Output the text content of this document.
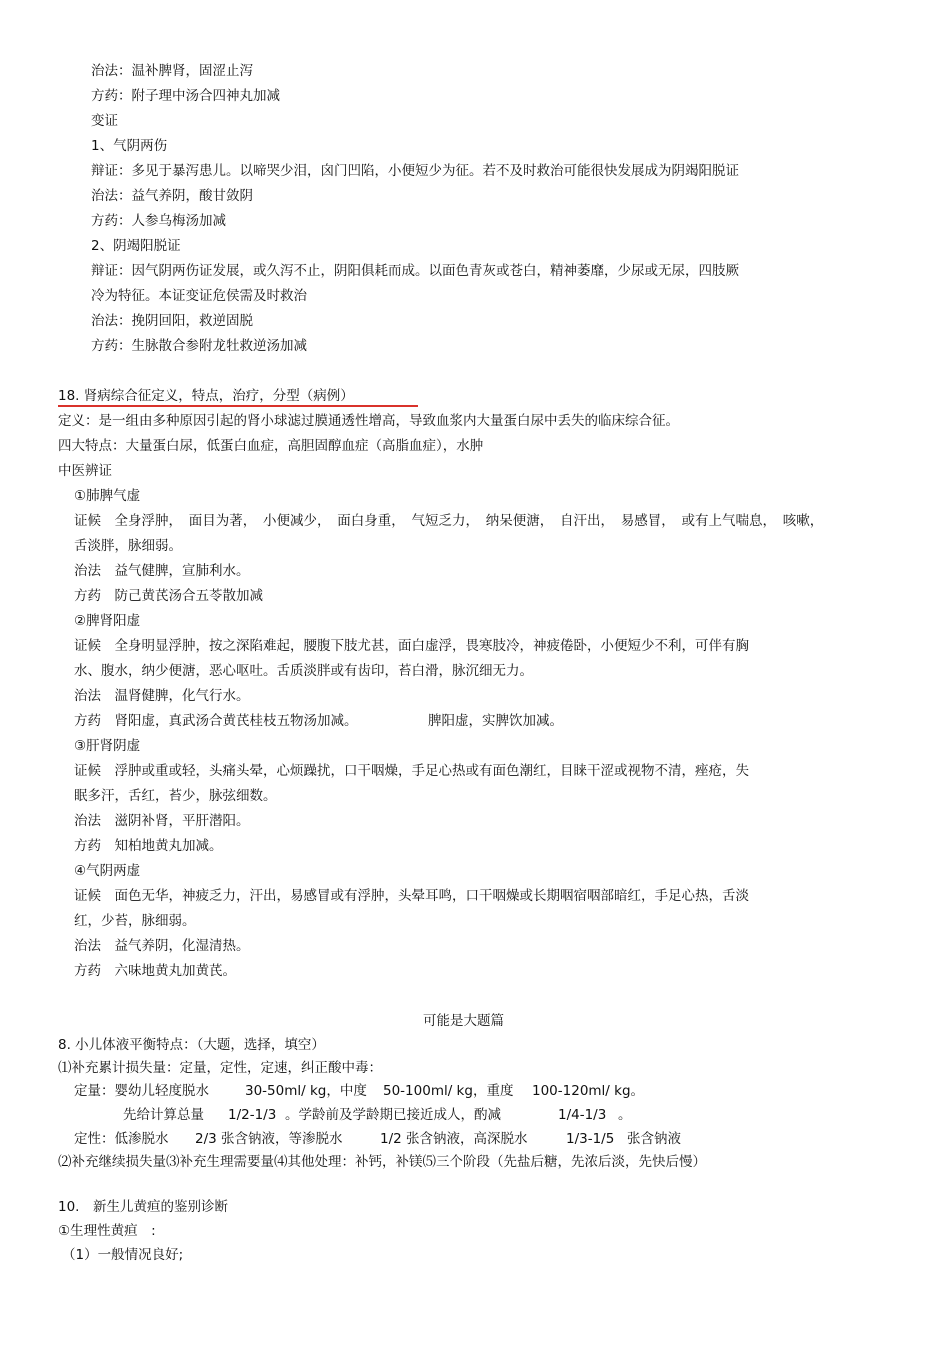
治法：温补脾肾，固涩止泻
方药：附子理中汤合四神丸加减
变证
1、气阴两伤
辩证：多见于暴泻患儿。以啼哭少泪，囟门凹陷，小便短少为征。若不及时救治可能很快发展成为阴竭阳脱证
治法：益气养阴，酸甘敛阴
方药：人参乌梅汤加减
2、阴竭阳脱证
辩证：因气阴两伤证发展，或久泻不止，阴阳俱耗而成。以面色青灰或苍白，精神萎靡，少尿或无尿，四肢厥
冷为特征。本证变证危侯需及时救治
治法：挽阴回阳，救逆固脱
方药：生脉散合参附龙牡救逆汤加减
18. 肾病综合征定义，特点，治疗，分型（病例）
定义：是一组由多种原因引起的肾小球滤过膜通透性增高，导致血浆内大量蛋白尿中丢失的临床综合征。
四大特点：大量蛋白尿，低蛋白血症，高胆固醇血症（高脂血症），水肿
中医辨证
①肺脾气虚
证候　全身浮肿，　面目为著，　小便减少，　面白身重，　气短乏力，　纳呆便溏，　自汗出，　易感冒，　或有上气喘息，　咳嗽，
舌淡胖，脉细弱。
治法　益气健脾，宣肺利水。
方药　防己黄芪汤合五苓散加减
②脾肾阳虚
证候　全身明显浮肿，按之深陷难起，腰腹下肢尤甚，面白虚浮，畏寒肢冷，神疲倦卧，小便短少不利，可伴有胸
水、腹水，纳少便溏，恶心呕吐。舌质淡胖或有齿印，苔白滑，脉沉细无力。
治法　温肾健脾，化气行水。
方药　肾阳虚，真武汤合黄芪桂枝五物汤加减。	脾阳虚，实脾饮加减。
③肝肾阴虚
证候　浮肿或重或轻，头痛头晕，心烦躁扰，口干咽燥，手足心热或有面色潮红，目睐干涩或视物不清，痤疮，失
眠多汗，舌红，苔少，脉弦细数。
治法　滋阴补肾，平肝潜阳。
方药　知柏地黄丸加减。
④气阴两虚
证候　面色无华，神疲乏力，汗出，易感冒或有浮肿，头晕耳鸣，口干咽燥或长期咽宿咽部暗红，手足心热，舌淡
红，少苔，脉细弱。
治法　益气养阴，化湿清热。
方药　六味地黄丸加黄芪。
可能是大题篇
8. 小儿体液平衡特点：（大题，选择，填空）
⑴补充累计损失量：定量，定性，定速，纠正酸中毒：
定量：婴幼儿轻度脱水	30-50ml/ kg，中度 50-100ml/ kg，重度 100-120ml/ kg。
先给计算总量 1/2-1/3 。学龄前及学龄期已接近成人，酌减	1/4-1/3 。
定性：低渗脱水 2/3 张含钠液，等渗脱水	1/2 张含钠液，高深脱水	1/3-1/5 张含钠液
⑵补充继续损失量⑶补充生理需要量⑷其他处理：补钙，补镁⑸三个阶段（先盐后糖，先浓后淡，先快后慢）
10.　新生儿黄疸的鉴别诊断
①生理性黄疸　:
（1）一般情况良好;
